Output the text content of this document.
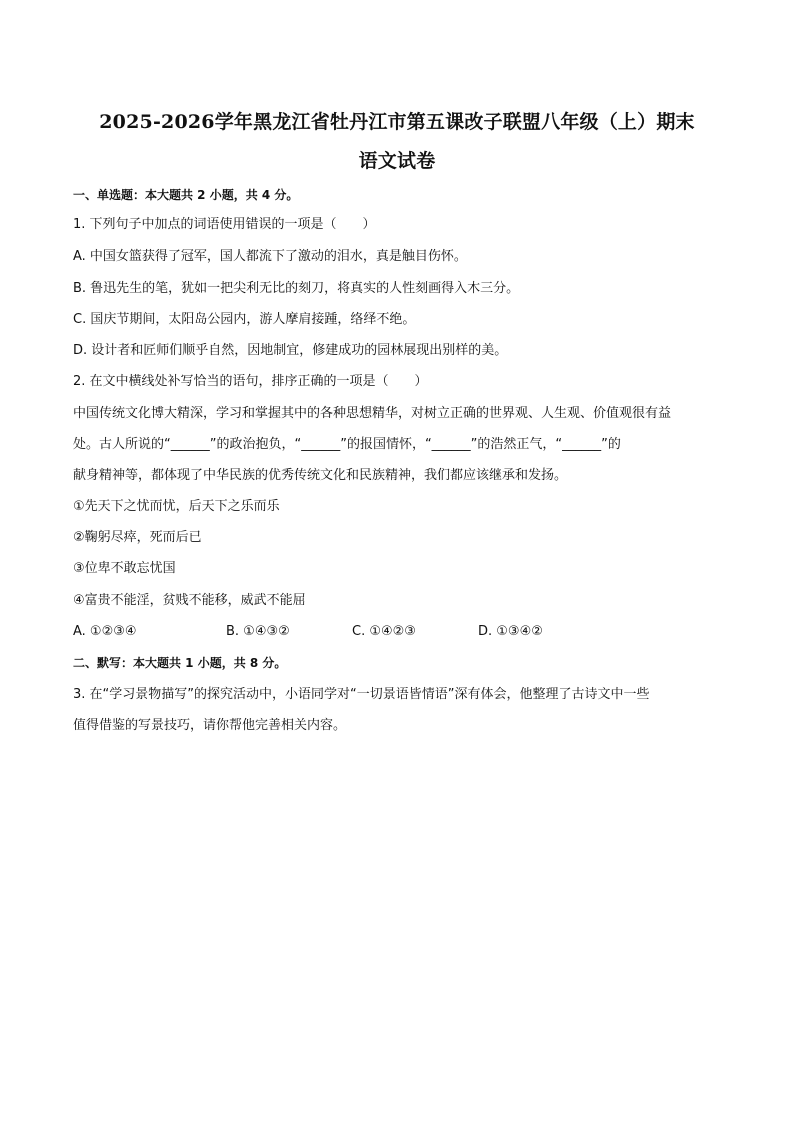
2025-2026学年黑龙江省牡丹江市第五课改子联盟八年级（上）期末
语文试卷
一、单选题：本大题共 2 小题，共 4 分。
1. 下列句子中加点的词语使用错误的一项是（　　）
A. 中国女篮获得了冠军，国人都流下了激动的泪水，真是触目伤怀。
B. 鲁迅先生的笔，犹如一把尖利无比的刻刀，将真实的人性刻画得入木三分。
C. 国庆节期间，太阳岛公园内，游人摩肩接踵，络绎不绝。
D. 设计者和匠师们顺乎自然，因地制宜，修建成功的园林展现出别样的美。
2. 在文中横线处补写恰当的语句，排序正确的一项是（　　）
中国传统文化博大精深，学习和掌握其中的各种思想精华，对树立正确的世界观、人生观、价值观很有益
处。古人所说的“______”的政治抱负，“______”的报国情怀，“______”的浩然正气，“______”的
献身精神等，都体现了中华民族的优秀传统文化和民族精神，我们都应该继承和发扬。
①先天下之忧而忧，后天下之乐而乐
②鞠躬尽瘁，死而后已
③位卑不敢忘忧国
④富贵不能淫，贫贱不能移，威武不能屈
A. ①②③④	B. ①④③②	C. ①④②③	D. ①③④②
二、默写：本大题共 1 小题，共 8 分。
3. 在“学习景物描写”的探究活动中，小语同学对“一切景语皆情语”深有体会，他整理了古诗文中一些
值得借鉴的写景技巧，请你帮他完善相关内容。
